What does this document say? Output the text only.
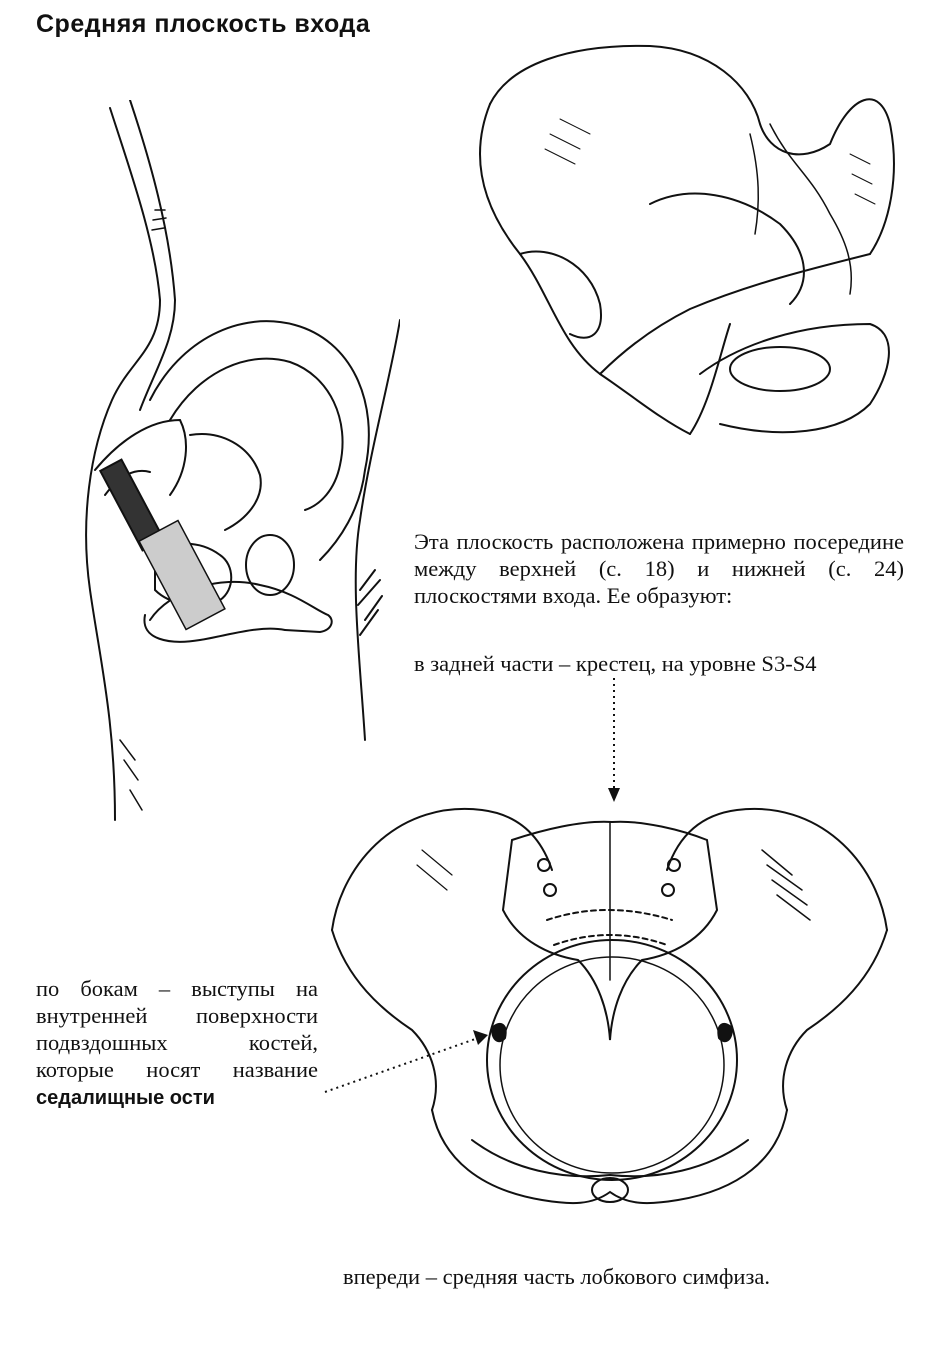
Средняя плоскость входа
Эта плоскость расположена примерно посередине между верхней (с. 18) и нижней (с. 24) плоскостями входа. Ее образуют:
в задней части – крестец, на уровне S3-S4
по бокам – выступы на внутренней поверхности подвздошных костей, которые носят название седалищные ости
впереди – средняя часть лобкового симфиза.
